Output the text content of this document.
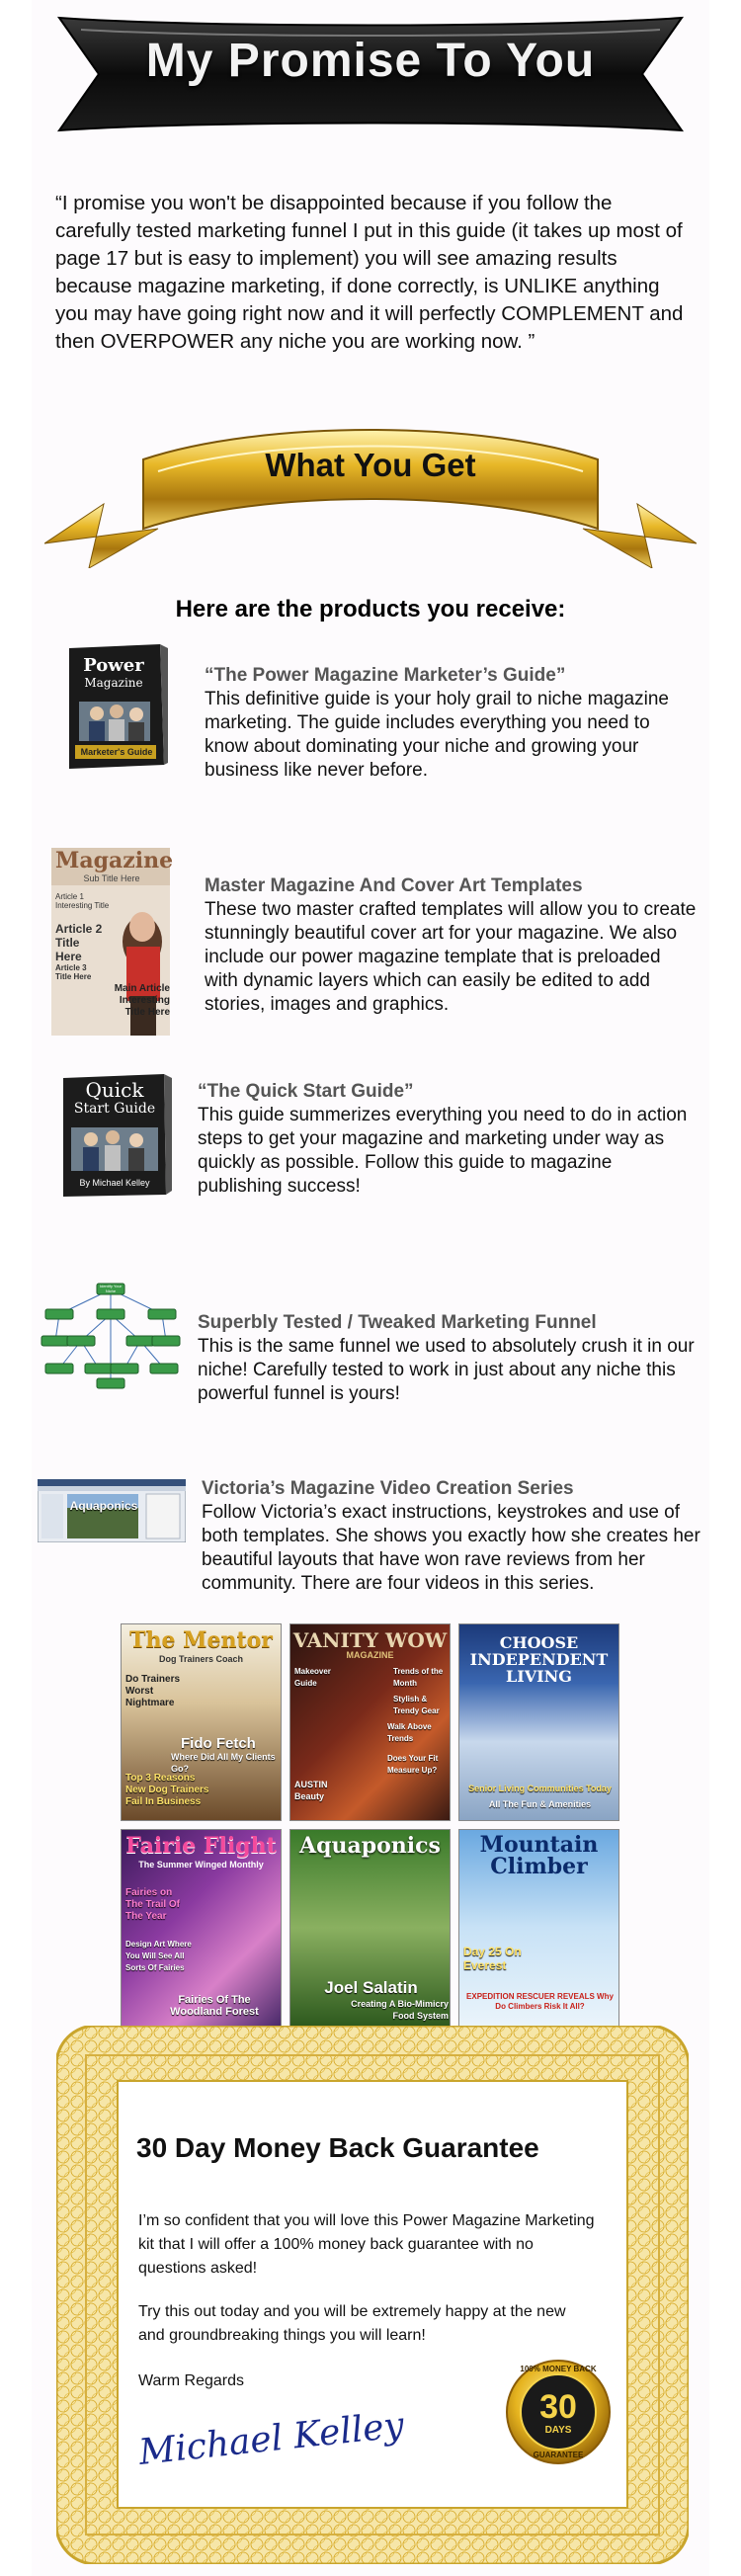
My Promise To You
“I promise you won't be disappointed because if you follow the carefully tested marketing funnel I put in this guide (it takes up most of page 17 but is easy to implement) you will see amazing results because magazine marketing, if done correctly, is UNLIKE anything you may have going right now and it will perfectly COMPLEMENT and then OVERPOWER any niche you are working now. ”
What You Get
Here are the products you receive:
Power
Magazine
Marketer's Guide
“The Power Magazine Marketer’s Guide”
This definitive guide is your holy grail to niche magazine marketing. The guide includes everything you need to know about dominating your niche and growing your business like never before.
Magazine
Sub Title Here
Article 1 Interesting Title
Article 2 Title Here
Article 3 Title Here
Main Article Interesting Title Here
Master Magazine And Cover Art Templates
These two master crafted templates will allow you to create stunningly beautiful cover art for your magazine. We also include our power magazine template that is preloaded with dynamic layers which can easily be edited to add stories, images and graphics.
Quick
Start Guide
By Michael Kelley
“The Quick Start Guide”
This guide summerizes everything you need to do in action steps to get your magazine and marketing under way as quickly as possible. Follow this guide to magazine publishing success!
Identify Your Niche
Superbly Tested / Tweaked Marketing Funnel
This is the same funnel we used to absolutely crush it in our niche! Carefully tested to work in just about any niche this powerful funnel is yours!
Aquaponics
Victoria’s Magazine Video Creation Series
Follow Victoria’s exact instructions, keystrokes and use of both templates. She shows you exactly how she creates her beautiful layouts that have won rave reviews from her community. There are four videos in this series.
The Mentor
Dog Trainers Coach
Do Trainers Worst Nightmare
Fido Fetch
Where Did All My Clients Go?
Top 3 Reasons New Dog Trainers Fail In Business
VANITY WOW
MAGAZINE
Makeover Guide
Trends of the Month
Stylish & Trendy Gear
Walk Above Trends
Does Your Fit Measure Up?
AUSTIN Beauty
CHOOSE INDEPENDENT LIVING
Senior Living Communities Today
All The Fun & Amenities
Fairie Flight
The Summer Winged Monthly
Fairies on The Trail Of The Year
Design Art Where You Will See All Sorts Of Fairies
Fairies Of The Woodland Forest
Aquaponics
Joel Salatin
Creating A Bio-Mimicry Food System
Mountain Climber
Day 25 On Everest
EXPEDITION RESCUER REVEALS Why Do Climbers Risk It All?
30 Day Money Back Guarantee
I’m so confident that you will love this Power Magazine Marketing kit that I will offer a 100% money back guarantee with no questions asked!
Try this out today and you will be extremely happy at the new and groundbreaking things you will learn!
Warm Regards
Michael Kelley
100% MONEY BACK
30
DAYS
GUARANTEE
